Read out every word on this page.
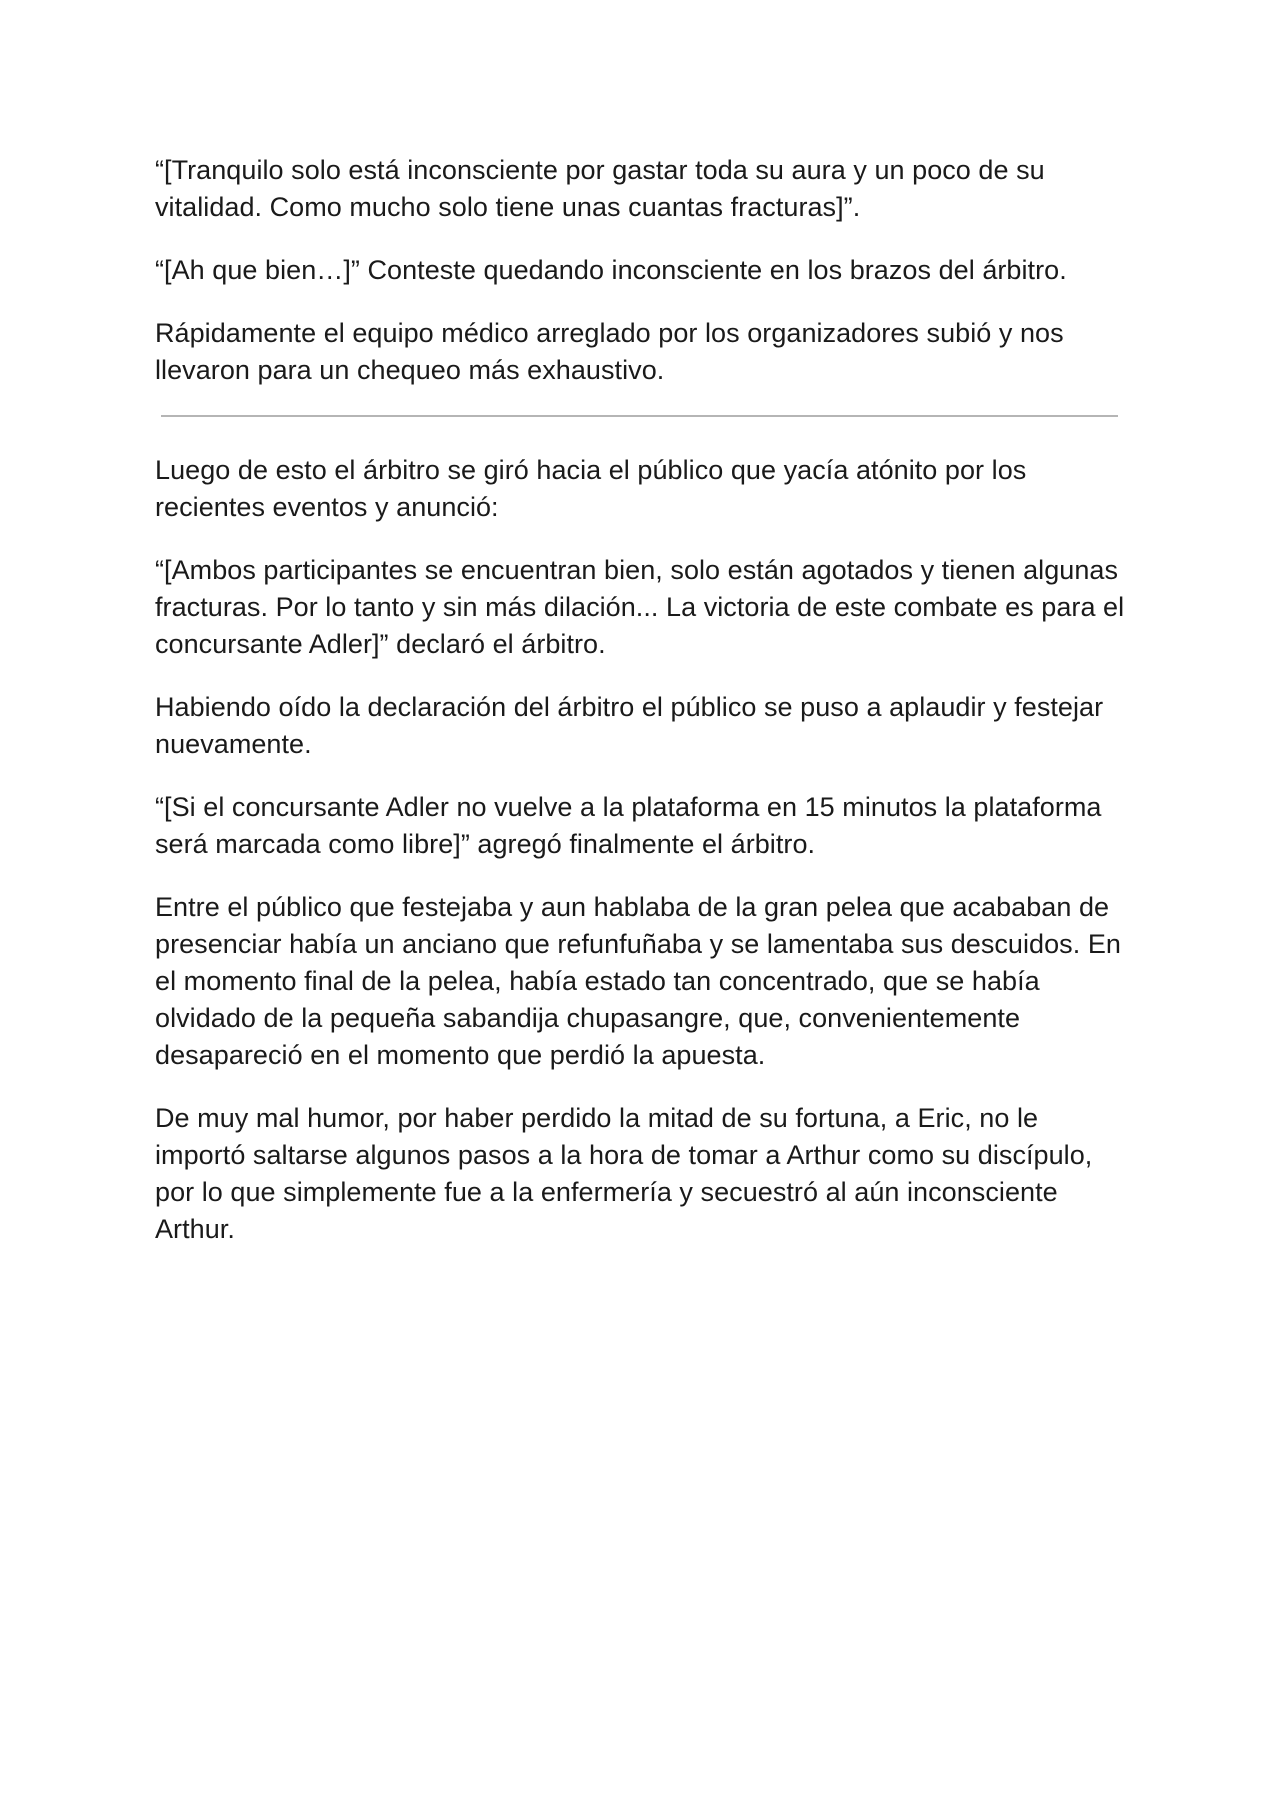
“[Tranquilo solo está inconsciente por gastar toda su aura y un poco de su vitalidad. Como mucho solo tiene unas cuantas fracturas]”.

“[Ah que bien…]” Conteste quedando inconsciente en los brazos del árbitro.

Rápidamente el equipo médico arreglado por los organizadores subió y nos llevaron para un chequeo más exhaustivo.

Luego de esto el árbitro se giró hacia el público que yacía atónito por los recientes eventos y anunció:

“[Ambos participantes se encuentran bien, solo están agotados y tienen algunas fracturas. Por lo tanto y sin más dilación... La victoria de este combate es para el concursante Adler]” declaró el árbitro.

Habiendo oído la declaración del árbitro el público se puso a aplaudir y festejar nuevamente.

“[Si el concursante Adler no vuelve a la plataforma en 15 minutos la plataforma será marcada como libre]” agregó finalmente el árbitro.

Entre el público que festejaba y aun hablaba de la gran pelea que acababan de presenciar había un anciano que refunfuñaba y se lamentaba sus descuidos. En el momento final de la pelea, había estado tan concentrado, que se había olvidado de la pequeña sabandija chupasangre, que, convenientemente desapareció en el momento que perdió la apuesta.

De muy mal humor, por haber perdido la mitad de su fortuna, a Eric, no le importó saltarse algunos pasos a la hora de tomar a Arthur como su discípulo, por lo que simplemente fue a la enfermería y secuestró al aún inconsciente Arthur.
